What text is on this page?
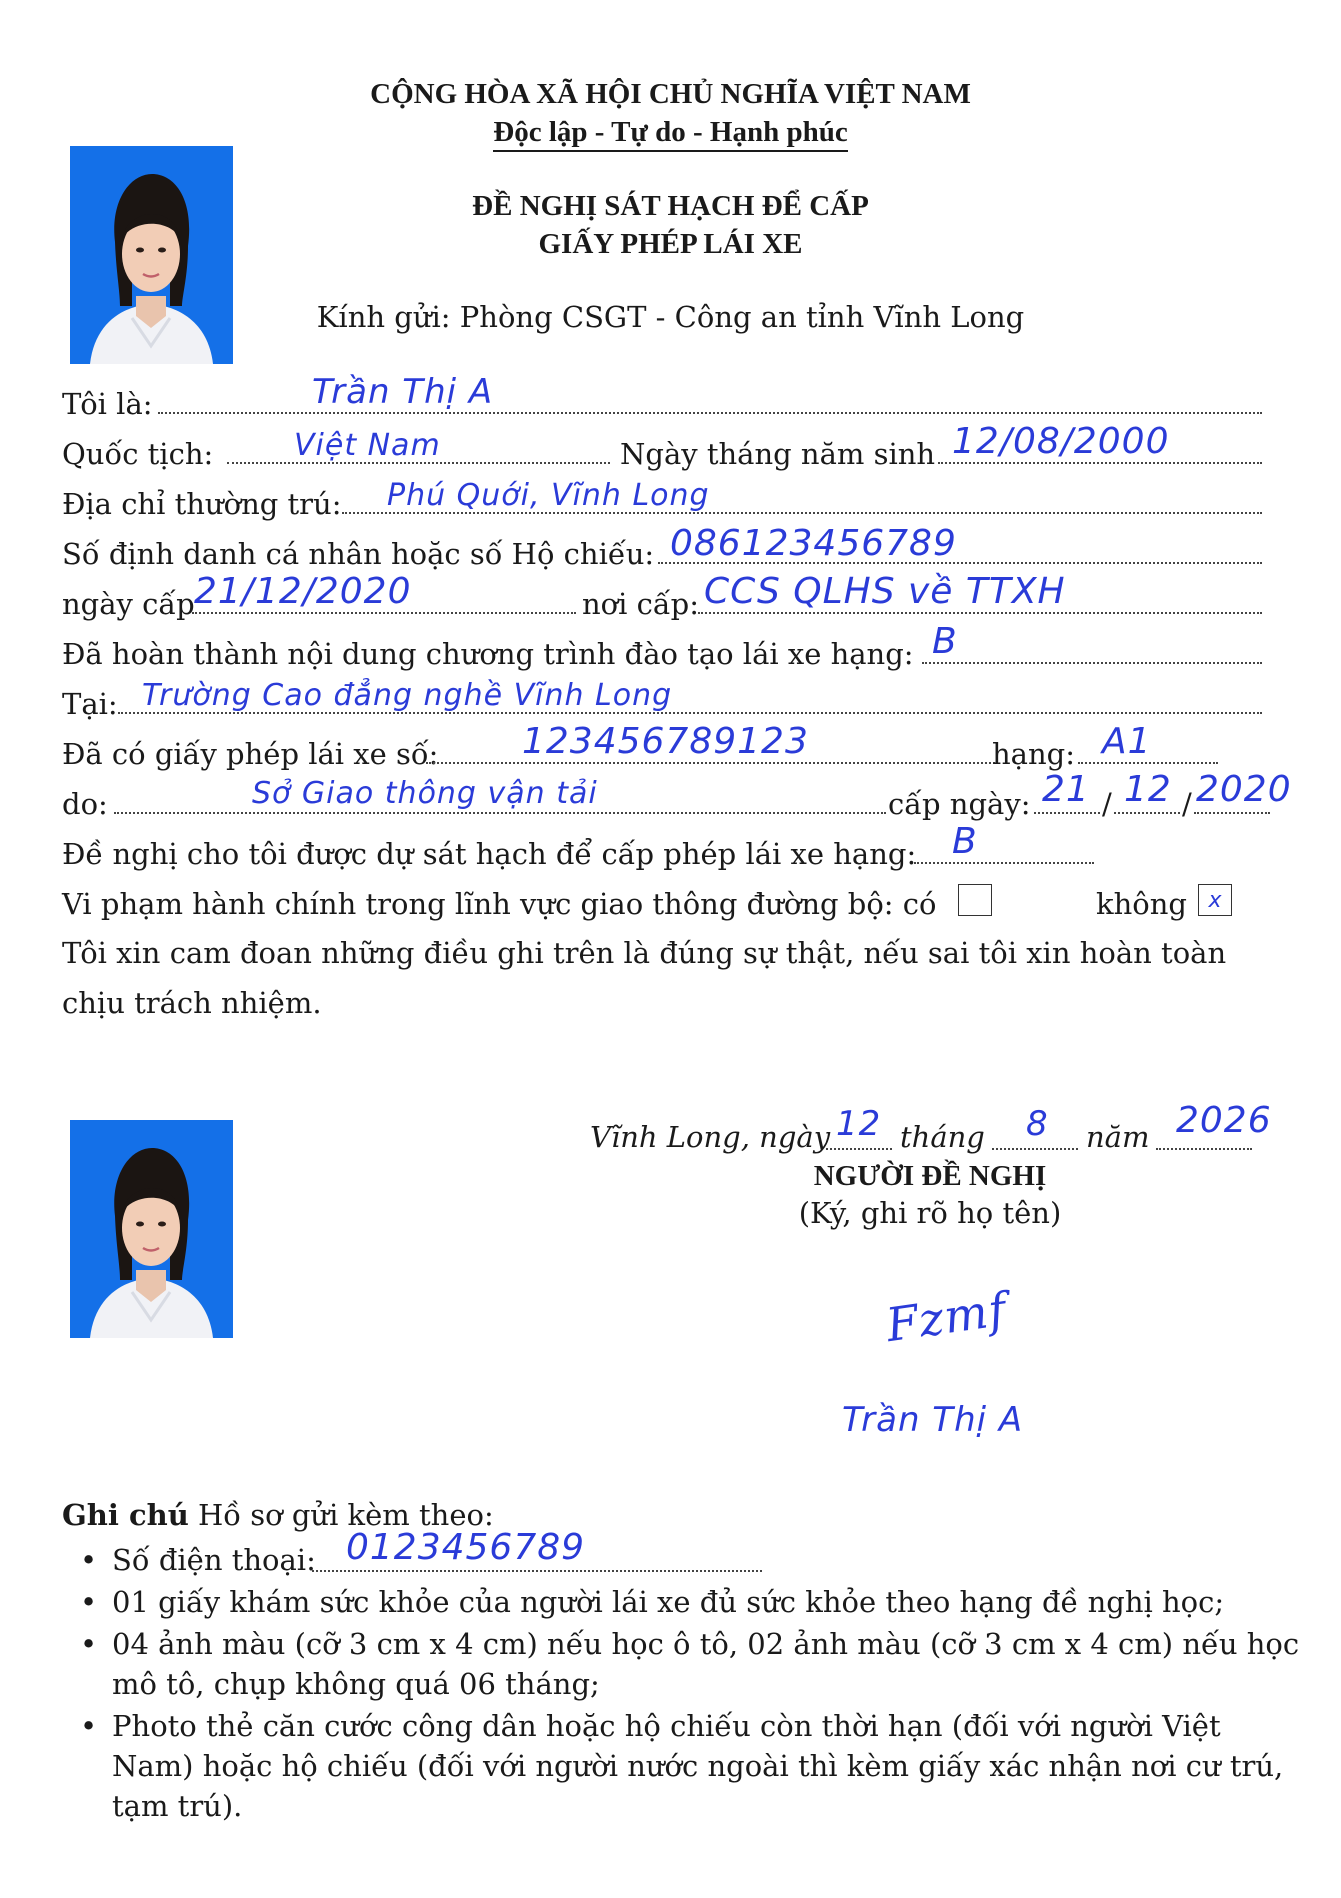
CỘNG HÒA XÃ HỘI CHỦ NGHĨA VIỆT NAM
Độc lập - Tự do - Hạnh phúc
ĐỀ NGHỊ SÁT HẠCH ĐỂ CẤP
GIẤY PHÉP LÁI XE
Kính gửi: Phòng CSGT - Công an tỉnh Vĩnh Long
Tôi là:	Trần Thị A
Quốc tịch:	Việt Nam	Ngày tháng năm sinh 12/08/2000
Địa chỉ thường trú: Phú Quới, Vĩnh Long
Số định danh cá nhân hoặc số Hộ chiếu: 086123456789
ngày cấp 21/12/2020	nơi cấp: CCS QLHS về TTXH
Đã hoàn thành nội dung chương trình đào tạo lái xe hạng: B
Tại: Trường Cao đẳng nghề Vĩnh Long
Đã có giấy phép lái xe số: 123456789123	hạng: A1
do:	Sở Giao thông vận tải	cấp ngày: 21 / 12 / 2020
Đề nghị cho tôi được dự sát hạch để cấp phép lái xe hạng: B
Vi phạm hành chính trong lĩnh vực giao thông đường bộ: có	không x
Tôi xin cam đoan những điều ghi trên là đúng sự thật, nếu sai tôi xin hoàn toàn
chịu trách nhiệm.
Vĩnh Long, ngày 12 tháng 8 năm 2026
NGƯỜI ĐỀ NGHỊ
(Ký, ghi rõ họ tên)
Fzmf
Trần Thị A
Ghi chú Hồ sơ gửi kèm theo:
• Số điện thoại: 0123456789
• 01 giấy khám sức khỏe của người lái xe đủ sức khỏe theo hạng đề nghị học;
• 04 ảnh màu (cỡ 3 cm x 4 cm) nếu học ô tô, 02 ảnh màu (cỡ 3 cm x 4 cm) nếu học
mô tô, chụp không quá 06 tháng;
• Photo thẻ căn cước công dân hoặc hộ chiếu còn thời hạn (đối với người Việt
Nam) hoặc hộ chiếu (đối với người nước ngoài thì kèm giấy xác nhận nơi cư trú,
tạm trú).
